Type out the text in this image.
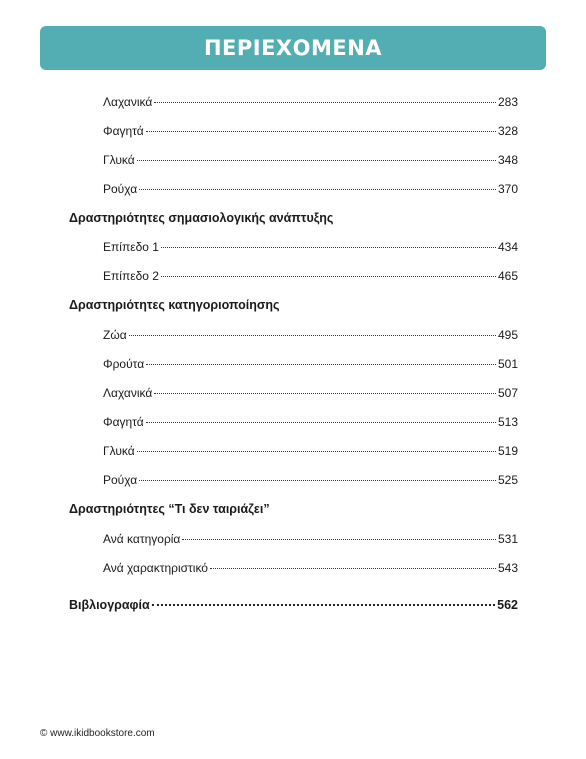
ΠΕΡΙΕΧΟΜΕΝΑ
Λαχανικά	283
Φαγητά	328
Γλυκά	348
Ρούχα	370
Δραστηριότητες σημασιολογικής ανάπτυξης
Επίπεδο 1	434
Επίπεδο 2	465
Δραστηριότητες κατηγοριοποίησης
Ζώα	495
Φρούτα	501
Λαχανικά	507
Φαγητά	513
Γλυκά	519
Ρούχα	525
Δραστηριότητες “Τι δεν ταιριάζει”
Ανά κατηγορία	531
Ανά χαρακτηριστικό	543
Βιβλιογραφία	562
© www.ikidbookstore.com
